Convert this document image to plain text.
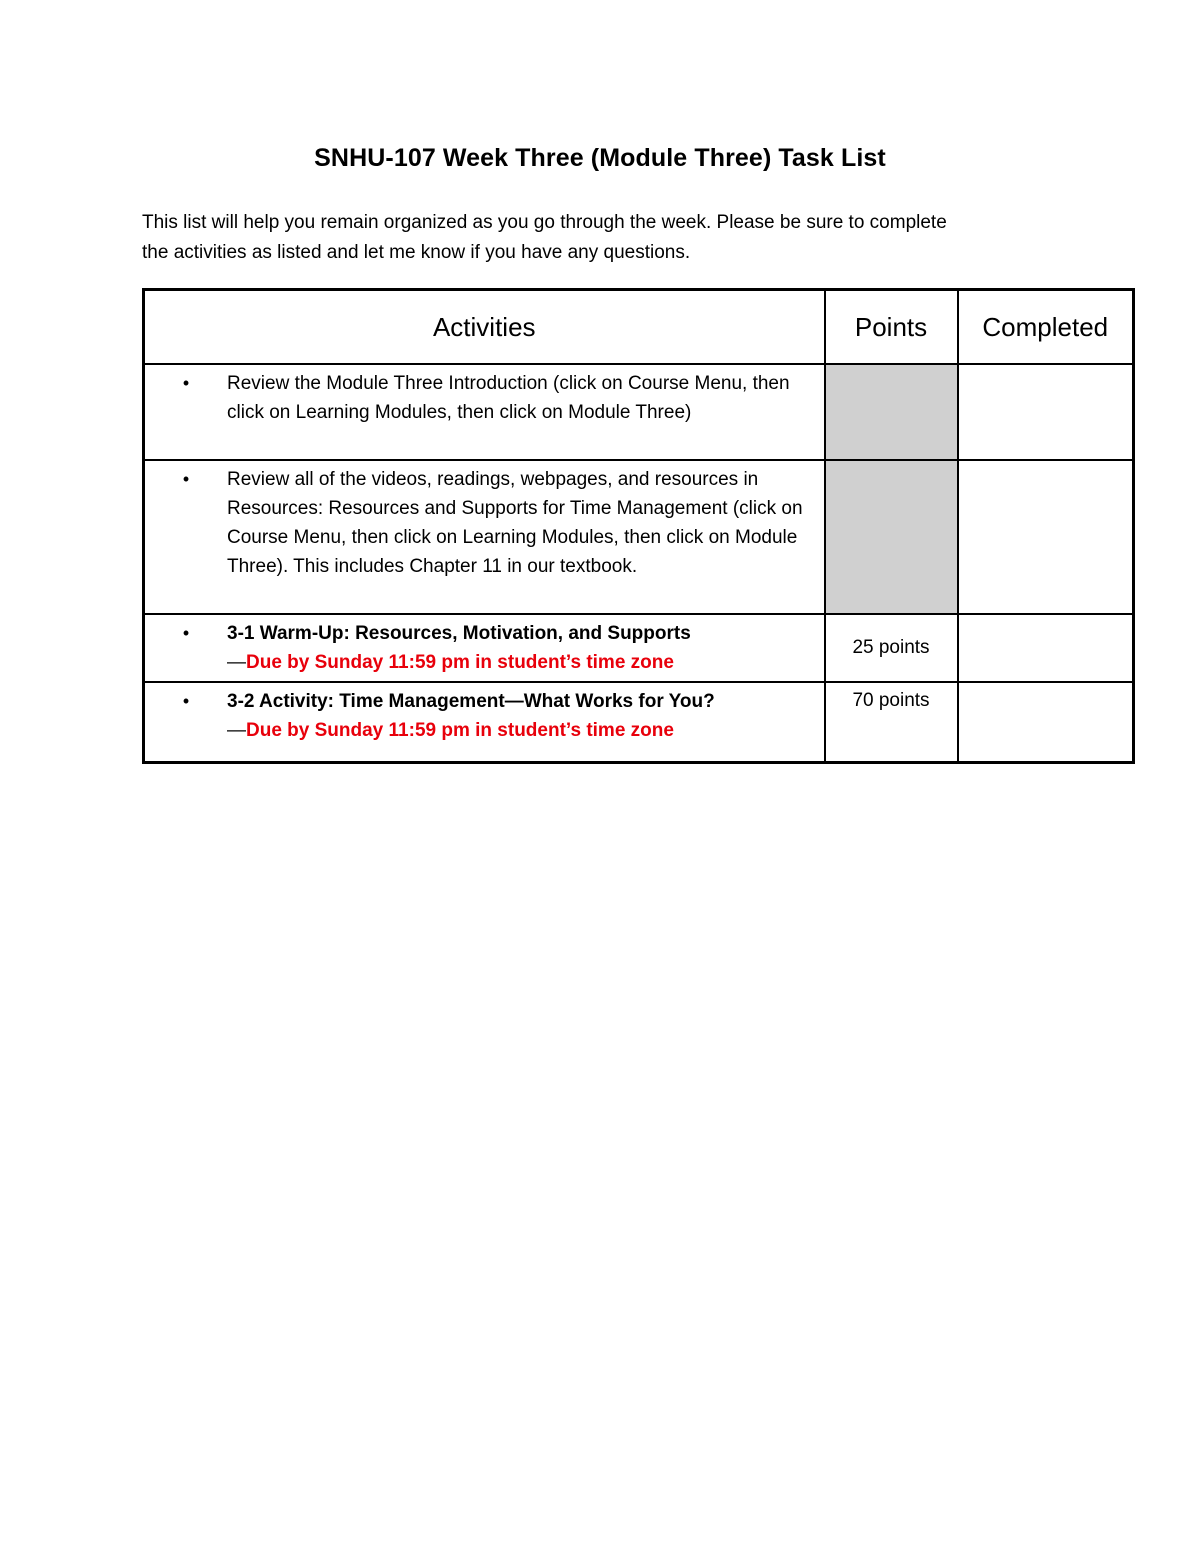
SNHU-107 Week Three (Module Three) Task List

This list will help you remain organized as you go through the week. Please be sure to complete

the activities as listed and let me know if you have any questions.

Activities	Points	Completed

• Review the Module Three Introduction (click on Course Menu, then click on Learning Modules, then click on Module Three)		

• Review all of the videos, readings, webpages, and resources in Resources: Resources and Supports for Time Management (click on Course Menu, then click on Learning Modules, then click on Module Three). This includes Chapter 11 in our textbook.		

• 3-1 Warm-Up: Resources, Motivation, and Supports
—Due by Sunday 11:59 pm in student’s time zone	25 points	

• 3-2 Activity: Time Management—What Works for You?
—Due by Sunday 11:59 pm in student’s time zone	70 points	
